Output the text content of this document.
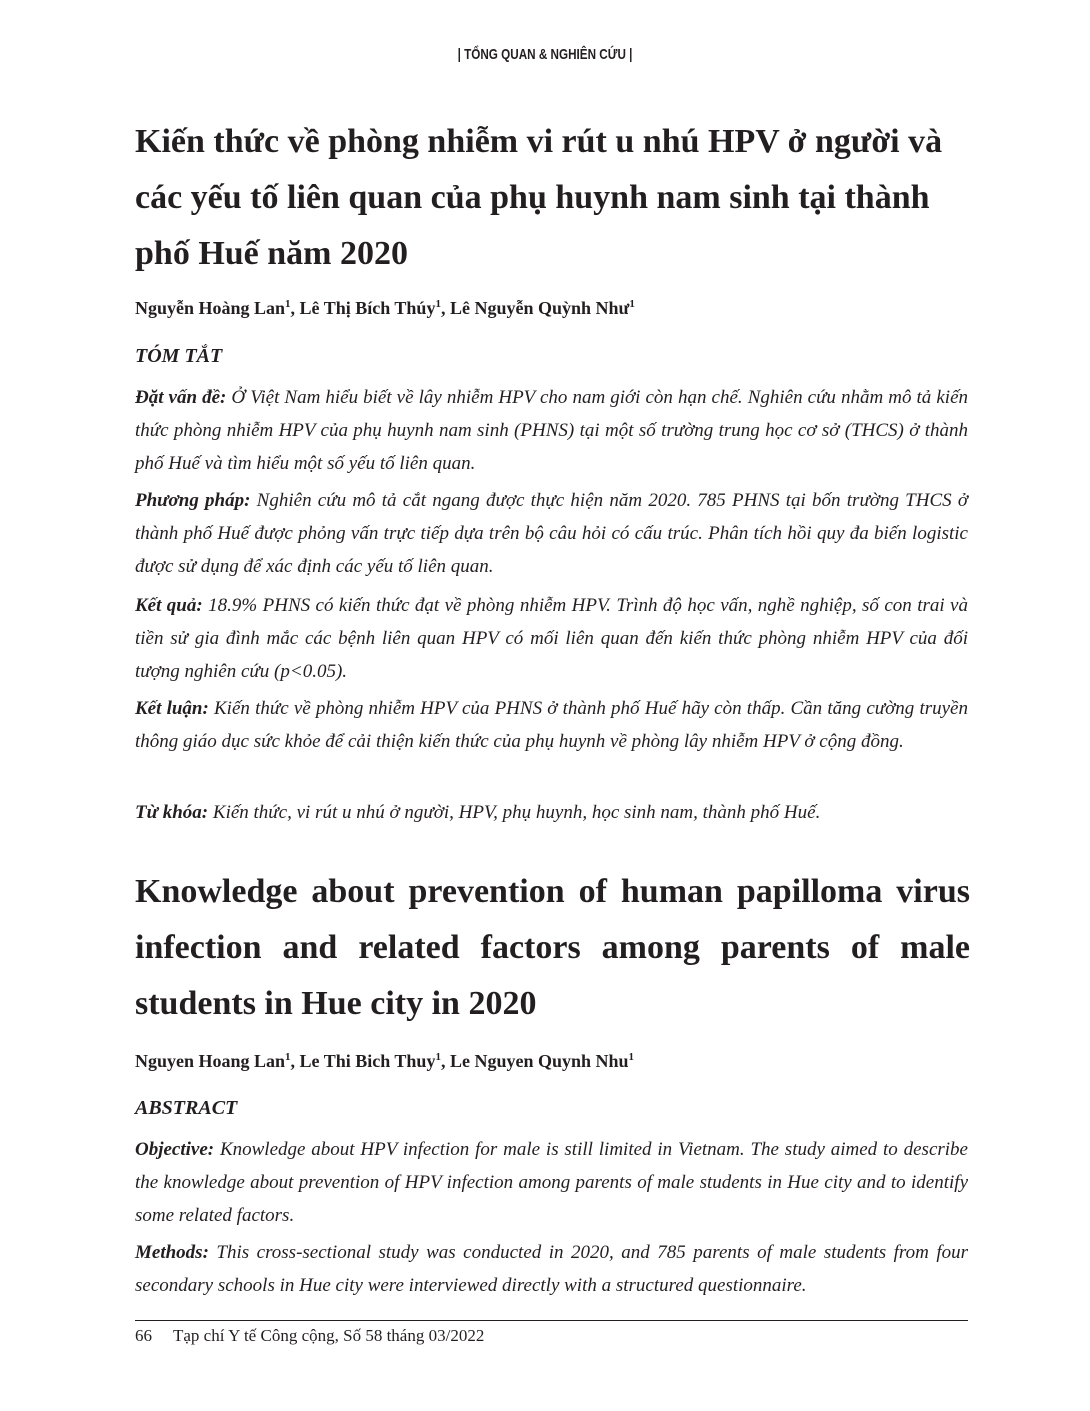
| TỔNG QUAN & NGHIÊN CỨU |
Kiến thức về phòng nhiễm vi rút u nhú HPV ở người và
các yếu tố liên quan của phụ huynh nam sinh tại thành
phố Huế năm 2020
Nguyễn Hoàng Lan$^1$, Lê Thị Bích Thúy$^1$, Lê Nguyễn Quỳnh Như$^1$
TÓM TẮT
Đặt vấn đề: Ở Việt Nam hiểu biết về lây nhiễm HPV cho nam giới còn hạn chế. Nghiên cứu nhằm mô tả kiến thức phòng nhiễm HPV của phụ huynh nam sinh (PHNS) tại một số trường trung học cơ sở (THCS) ở thành phố Huế và tìm hiểu một số yếu tố liên quan.
Phương pháp: Nghiên cứu mô tả cắt ngang được thực hiện năm 2020. 785 PHNS tại bốn trường THCS ở thành phố Huế được phỏng vấn trực tiếp dựa trên bộ câu hỏi có cấu trúc. Phân tích hồi quy đa biến logistic được sử dụng để xác định các yếu tố liên quan.
Kết quả: 18.9% PHNS có kiến thức đạt về phòng nhiễm HPV. Trình độ học vấn, nghề nghiệp, số con trai và tiền sử gia đình mắc các bệnh liên quan HPV có mối liên quan đến kiến thức phòng nhiễm HPV của đối tượng nghiên cứu (p<0.05).
Kết luận: Kiến thức về phòng nhiễm HPV của PHNS ở thành phố Huế hãy còn thấp. Cần tăng cường truyền thông giáo dục sức khỏe để cải thiện kiến thức của phụ huynh về phòng lây nhiễm HPV ở cộng đồng.
Từ khóa: Kiến thức, vi rút u nhú ở người, HPV, phụ huynh, học sinh nam, thành phố Huế.
Knowledge about prevention of human papilloma virus
infection and related factors among parents of male
students in Hue city in 2020
Nguyen Hoang Lan$^1$, Le Thi Bich Thuy$^1$, Le Nguyen Quynh Nhu$^1$
ABSTRACT
Objective: Knowledge about HPV infection for male is still limited in Vietnam. The study aimed to describe the knowledge about prevention of HPV infection among parents of male students in Hue city and to identify some related factors.
Methods: This cross-sectional study was conducted in 2020, and 785 parents of male students from four secondary schools in Hue city were interviewed directly with a structured questionnaire.
66 Tạp chí Y tế Công cộng, Số 58 tháng 03/2022
